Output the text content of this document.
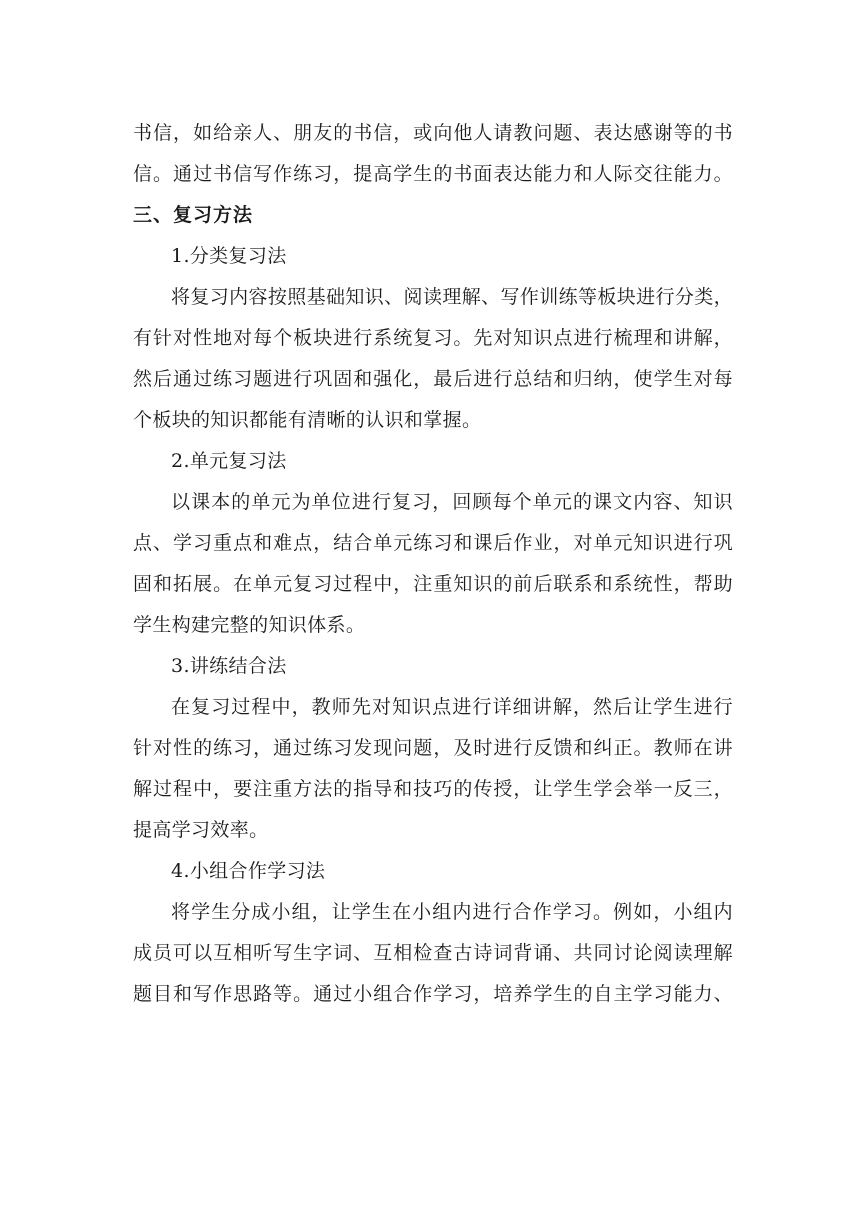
书信，如给亲人、朋友的书信，或向他人请教问题、表达感谢等的书
信。通过书信写作练习，提高学生的书面表达能力和人际交往能力。
三、复习方法
1.分类复习法
将复习内容按照基础知识、阅读理解、写作训练等板块进行分类，
有针对性地对每个板块进行系统复习。先对知识点进行梳理和讲解，
然后通过练习题进行巩固和强化，最后进行总结和归纳，使学生对每
个板块的知识都能有清晰的认识和掌握。
2.单元复习法
以课本的单元为单位进行复习，回顾每个单元的课文内容、知识
点、学习重点和难点，结合单元练习和课后作业，对单元知识进行巩
固和拓展。在单元复习过程中，注重知识的前后联系和系统性，帮助
学生构建完整的知识体系。
3.讲练结合法
在复习过程中，教师先对知识点进行详细讲解，然后让学生进行
针对性的练习，通过练习发现问题，及时进行反馈和纠正。教师在讲
解过程中，要注重方法的指导和技巧的传授，让学生学会举一反三，
提高学习效率。
4.小组合作学习法
将学生分成小组，让学生在小组内进行合作学习。例如，小组内
成员可以互相听写生字词、互相检查古诗词背诵、共同讨论阅读理解
题目和写作思路等。通过小组合作学习，培养学生的自主学习能力、
